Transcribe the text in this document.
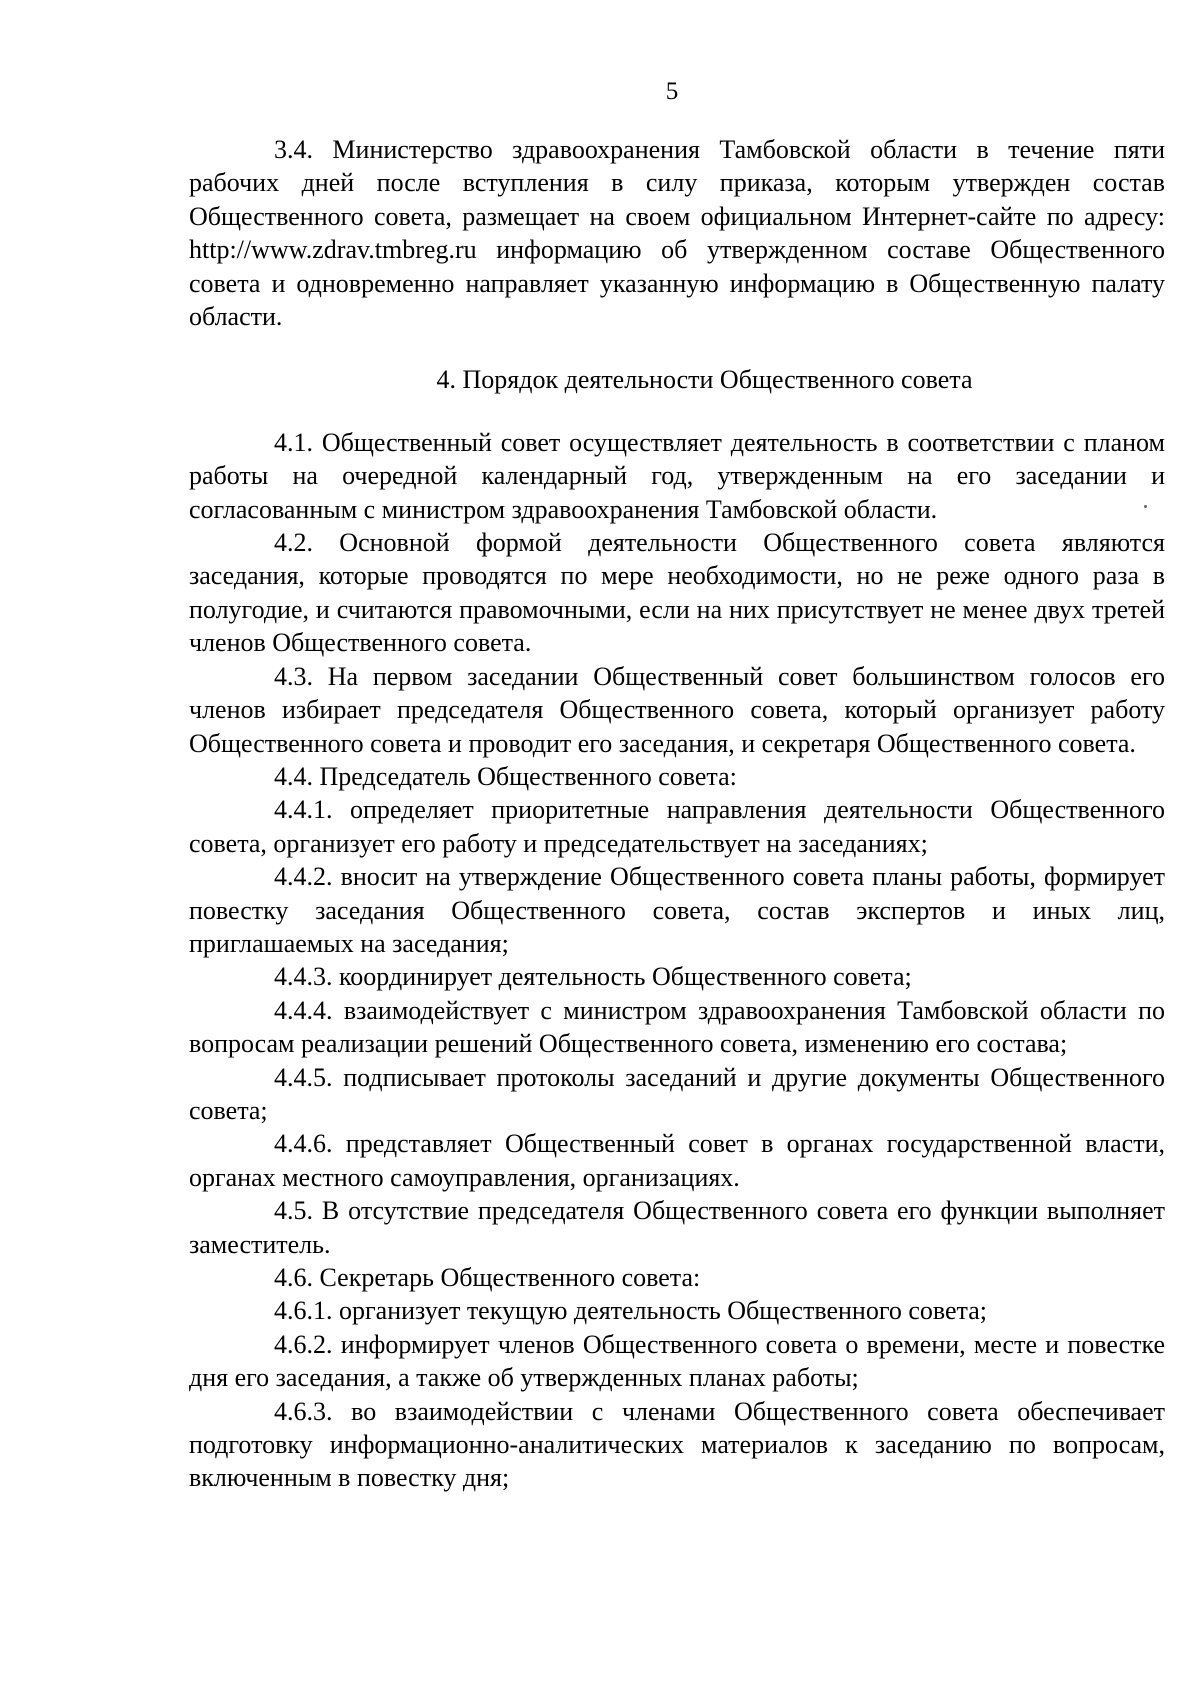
5

3.4. Министерство здравоохранения Тамбовской области в течение пяти рабочих дней после вступления в силу приказа, которым утвержден состав Общественного совета, размещает на своем официальном Интернет-сайте по адресу: http://www.zdrav.tmbreg.ru информацию об утвержденном составе Общественного совета и одновременно направляет указанную информацию в Общественную палату области.

4. Порядок деятельности Общественного совета

4.1. Общественный совет осуществляет деятельность в соответствии с планом работы на очередной календарный год, утвержденным на его заседании и согласованным с министром здравоохранения Тамбовской области.

4.2. Основной формой деятельности Общественного совета являются заседания, которые проводятся по мере необходимости, но не реже одного раза в полугодие, и считаются правомочными, если на них присутствует не менее двух третей членов Общественного совета.

4.3. На первом заседании Общественный совет большинством голосов его членов избирает председателя Общественного совета, который организует работу Общественного совета и проводит его заседания, и секретаря Общественного совета.

4.4. Председатель Общественного совета:

4.4.1. определяет приоритетные направления деятельности Общественного совета, организует его работу и председательствует на заседаниях;

4.4.2. вносит на утверждение Общественного совета планы работы, формирует повестку заседания Общественного совета, состав экспертов и иных лиц, приглашаемых на заседания;

4.4.3. координирует деятельность Общественного совета;

4.4.4. взаимодействует с министром здравоохранения Тамбовской области по вопросам реализации решений Общественного совета, изменению его состава;

4.4.5. подписывает протоколы заседаний и другие документы Общественного совета;

4.4.6. представляет Общественный совет в органах государственной власти, органах местного самоуправления, организациях.

4.5. В отсутствие председателя Общественного совета его функции выполняет заместитель.

4.6. Секретарь Общественного совета:

4.6.1. организует текущую деятельность Общественного совета;

4.6.2. информирует членов Общественного совета о времени, месте и повестке дня его заседания, а также об утвержденных планах работы;

4.6.3. во взаимодействии с членами Общественного совета обеспечивает подготовку информационно-аналитических материалов к заседанию по вопросам, включенным в повестку дня;
